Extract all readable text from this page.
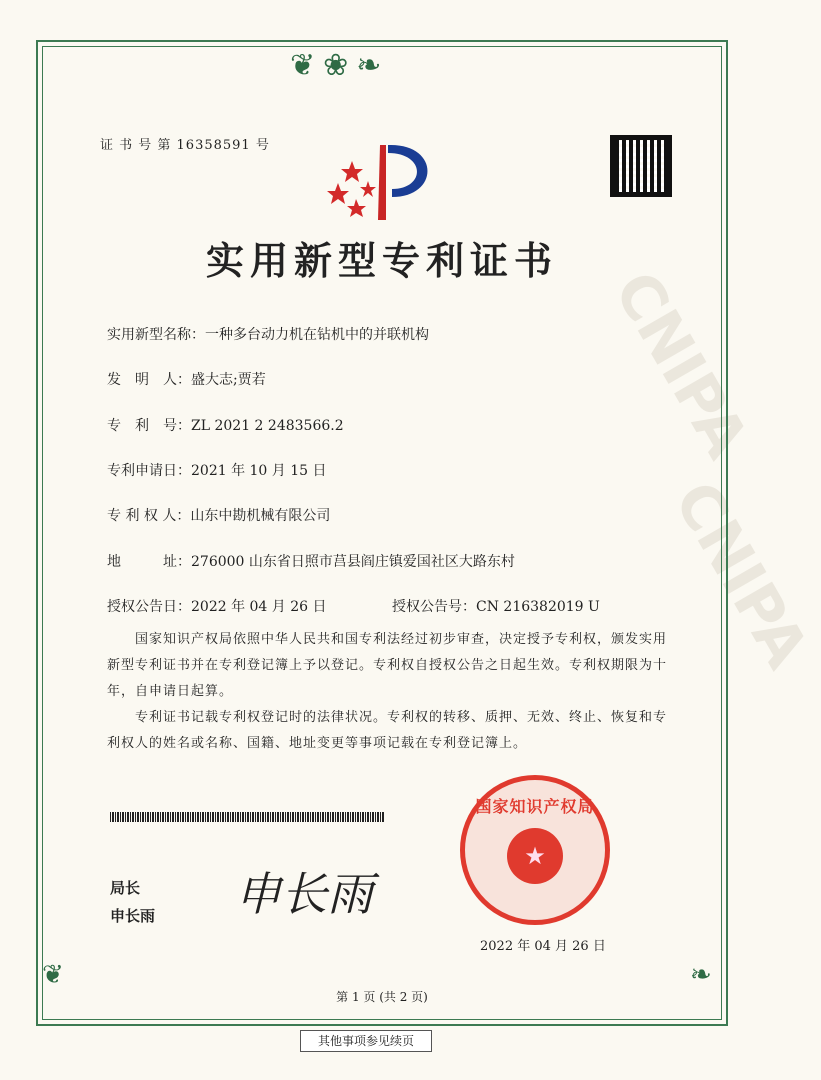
CNIPA
CNIPA
❦❀❧
❦	❧
证 书 号 第 16358591 号
实用新型专利证书
实用新型名称：一种多台动力机在钻机中的并联机构
发　明　人：盛大志;贾若
专　利　号：ZL 2021 2 2483566.2
专利申请日：2021 年 10 月 15 日
专 利 权 人：山东中勘机械有限公司
地　　　址：276000 山东省日照市莒县阎庄镇爱国社区大路东村
授权公告日：2022 年 04 月 26 日	授权公告号：CN 216382019 U
国家知识产权局依照中华人民共和国专利法经过初步审查，决定授予专利权，颁发实用新型专利证书并在专利登记簿上予以登记。专利权自授权公告之日起生效。专利权期限为十年，自申请日起算。
专利证书记载专利权登记时的法律状况。专利权的转移、质押、无效、终止、恢复和专利权人的姓名或名称、国籍、地址变更等事项记载在专利登记簿上。
局长
申长雨 申长雨
国家知识产权局
★
2022 年 04 月 26 日
第 1 页 (共 2 页)
其他事项参见续页
